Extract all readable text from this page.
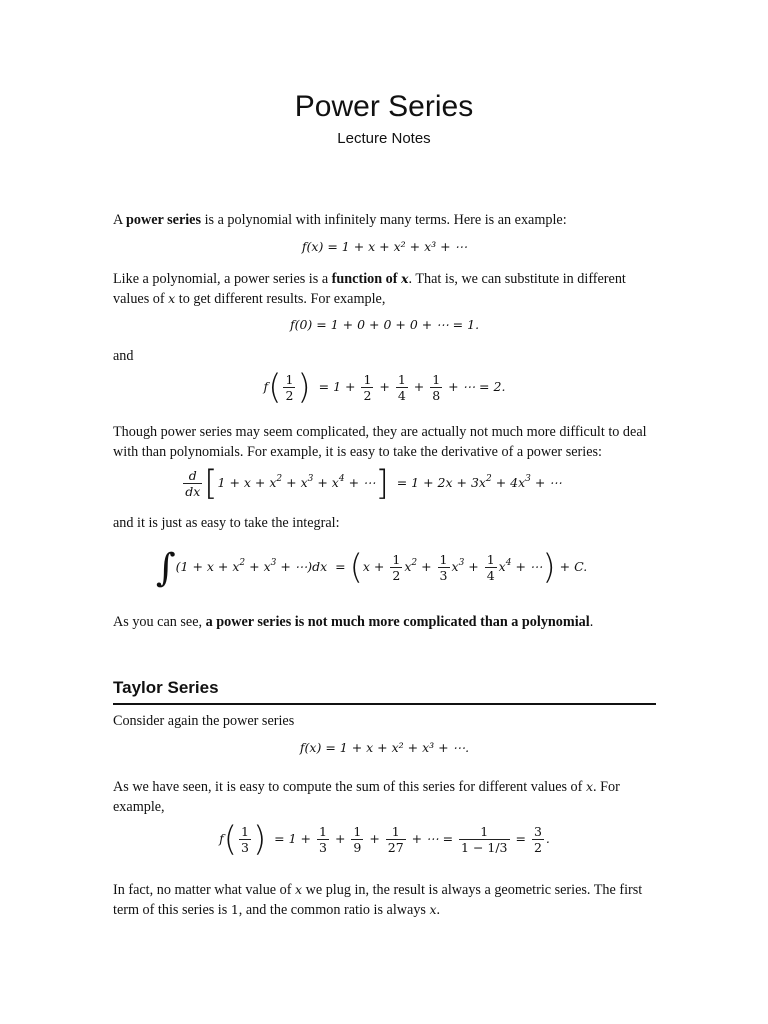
Power Series
Lecture Notes
A power series is a polynomial with infinitely many terms. Here is an example:
f(x) = 1 + x + x² + x³ + ⋯
Like a polynomial, a power series is a function of x. That is, we can substitute in different
values of x to get different results. For example,
f(0) = 1 + 0 + 0 + 0 + ⋯ = 1.
and
$f( \frac{1}{2}$ )  = $1 + \frac{1}{2} + \frac{1}{4} + \frac{1}{8}$ + ⋯ = 2.
Though power series may seem complicated, they are actually not much more difficult to deal
with than polynomials. For example, it is easy to take the derivative of a power series:
$\frac{d}{dx} [1 + x + x^2 + x^3 + x^4$ + ⋯]  = $1 + 2x + 3x^2 + 4x^3$ + ⋯
and it is just as easy to take the integral:
$\int(1 + x + x^2 + x^3$ + ⋯)dx  = ($x + \frac{1}{2} x^2 + \frac{1}{3} x^3 + \frac{1}{4} x^4$ + ⋯) + C.
As you can see, a power series is not much more complicated than a polynomial.
Taylor Series
Consider again the power series
f(x) = 1 + x + x² + x³ + ⋯.
As we have seen, it is easy to compute the sum of this series for different values of x. For
example,
$f( \frac{1}{3}$ )  = $1 + \frac{1}{3} + \frac{1}{9} + \frac{1}{27}$ + ⋯ = $\frac{1}{1 - 1/3} = \frac{3}{2}$ .
In fact, no matter what value of x we plug in, the result is always a geometric series. The first
term of this series is 1, and the common ratio is always x.
